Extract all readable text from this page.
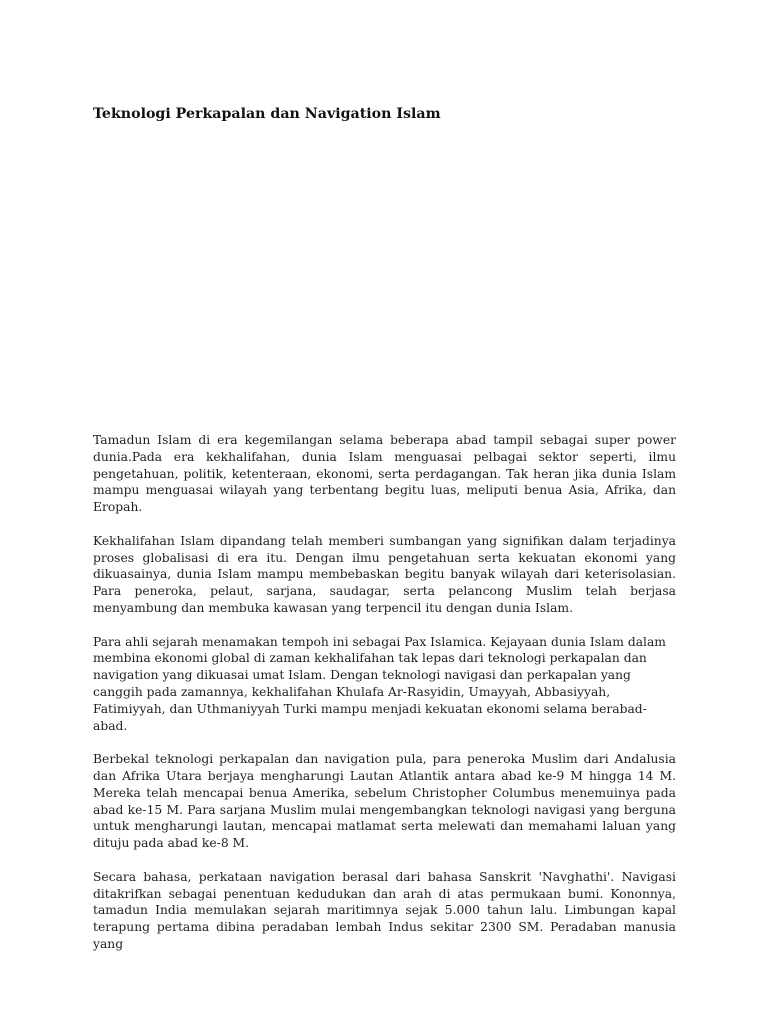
Teknologi Perkapalan dan Navigation Islam

Tamadun Islam di era kegemilangan selama beberapa abad tampil sebagai super power dunia.Pada era kekhalifahan, dunia Islam menguasai pelbagai sektor seperti, ilmu pengetahuan, politik, ketenteraan, ekonomi, serta perdagangan. Tak heran jika dunia Islam mampu menguasai wilayah yang terbentang begitu luas, meliputi benua Asia, Afrika, dan Eropah.

Kekhalifahan Islam dipandang telah memberi sumbangan yang signifikan dalam terjadinya proses globalisasi di era itu. Dengan ilmu pengetahuan serta kekuatan ekonomi yang dikuasainya, dunia Islam mampu membebaskan begitu banyak wilayah dari keterisolasian. Para peneroka, pelaut, sarjana, saudagar, serta pelancong Muslim telah berjasa menyambung dan membuka kawasan yang terpencil itu dengan dunia Islam.

Para ahli sejarah menamakan tempoh ini sebagai Pax Islamica. Kejayaan dunia Islam dalam membina ekonomi global di zaman kekhalifahan tak lepas dari teknologi perkapalan dan navigation yang dikuasai umat Islam. Dengan teknologi navigasi dan perkapalan yang canggih pada zamannya, kekhalifahan Khulafa Ar-Rasyidin, Umayyah, Abbasiyyah, Fatimiyyah, dan Uthmaniyyah Turki mampu menjadi kekuatan ekonomi selama berabad-abad.

Berbekal teknologi perkapalan dan navigation pula, para peneroka Muslim dari Andalusia dan Afrika Utara berjaya mengharungi Lautan Atlantik antara abad ke-9 M hingga 14 M. Mereka telah mencapai benua Amerika, sebelum Christopher Columbus menemuinya pada abad ke-15 M. Para sarjana Muslim mulai mengembangkan teknologi navigasi yang berguna untuk mengharungi lautan, mencapai matlamat serta melewati dan memahami laluan yang dituju pada abad ke-8 M.

Secara bahasa, perkataan navigation berasal dari bahasa Sanskrit 'Navghathi'. Navigasi ditakrifkan sebagai penentuan kedudukan dan arah di atas permukaan bumi. Kononnya, tamadun India memulakan sejarah maritimnya sejak 5.000 tahun lalu. Limbungan kapal terapung pertama dibina peradaban lembah Indus sekitar 2300 SM. Peradaban manusia yang
